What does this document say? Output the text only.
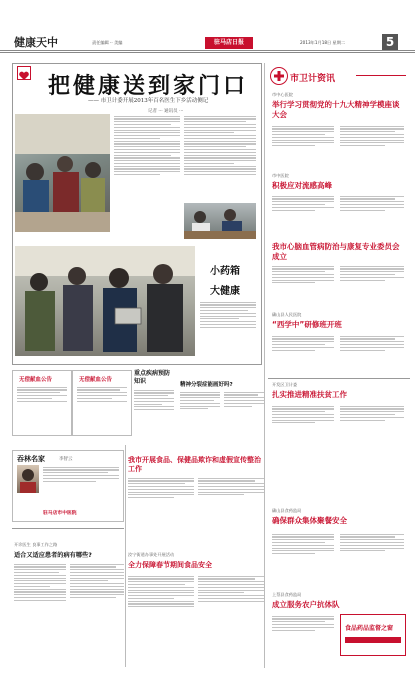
健康天中	责任编辑 ·· 美编	驻马店日报	2013年1月18日 星期二	5
把健康送到家门口
—— 市卫计委开展2013年百名医生下乡活动侧记
记者 ··· 通讯员 ···
小药箱
大健康
市卫计资讯
市中心医院
举行学习贯彻党的十九大精神学模座谈大会
市中医院
积极应对流感高峰
我市心脑血管病防治与康复专业委员会成立
确山县人民医院
“西学中”研修班开班
开发区卫计委
扎实推进精准扶贫工作
确山县食药监局
确保群众集体聚餐安全
上蔡县食药监局
成立服务农户抗体队
食品药品监督之窗
无偿献血公告	无偿献血公告
重点疾病预防知识	精神分裂症能画好吗?
吞林名家	李智云
驻马店市中医院
我市开展食品、保健品欺诈和虚假宣传整治工作
汝宁街道办事处开展活动
全力保障春节期间食品安全
开诊医生 良事工作之路
适合又适应患者的病有哪些?
